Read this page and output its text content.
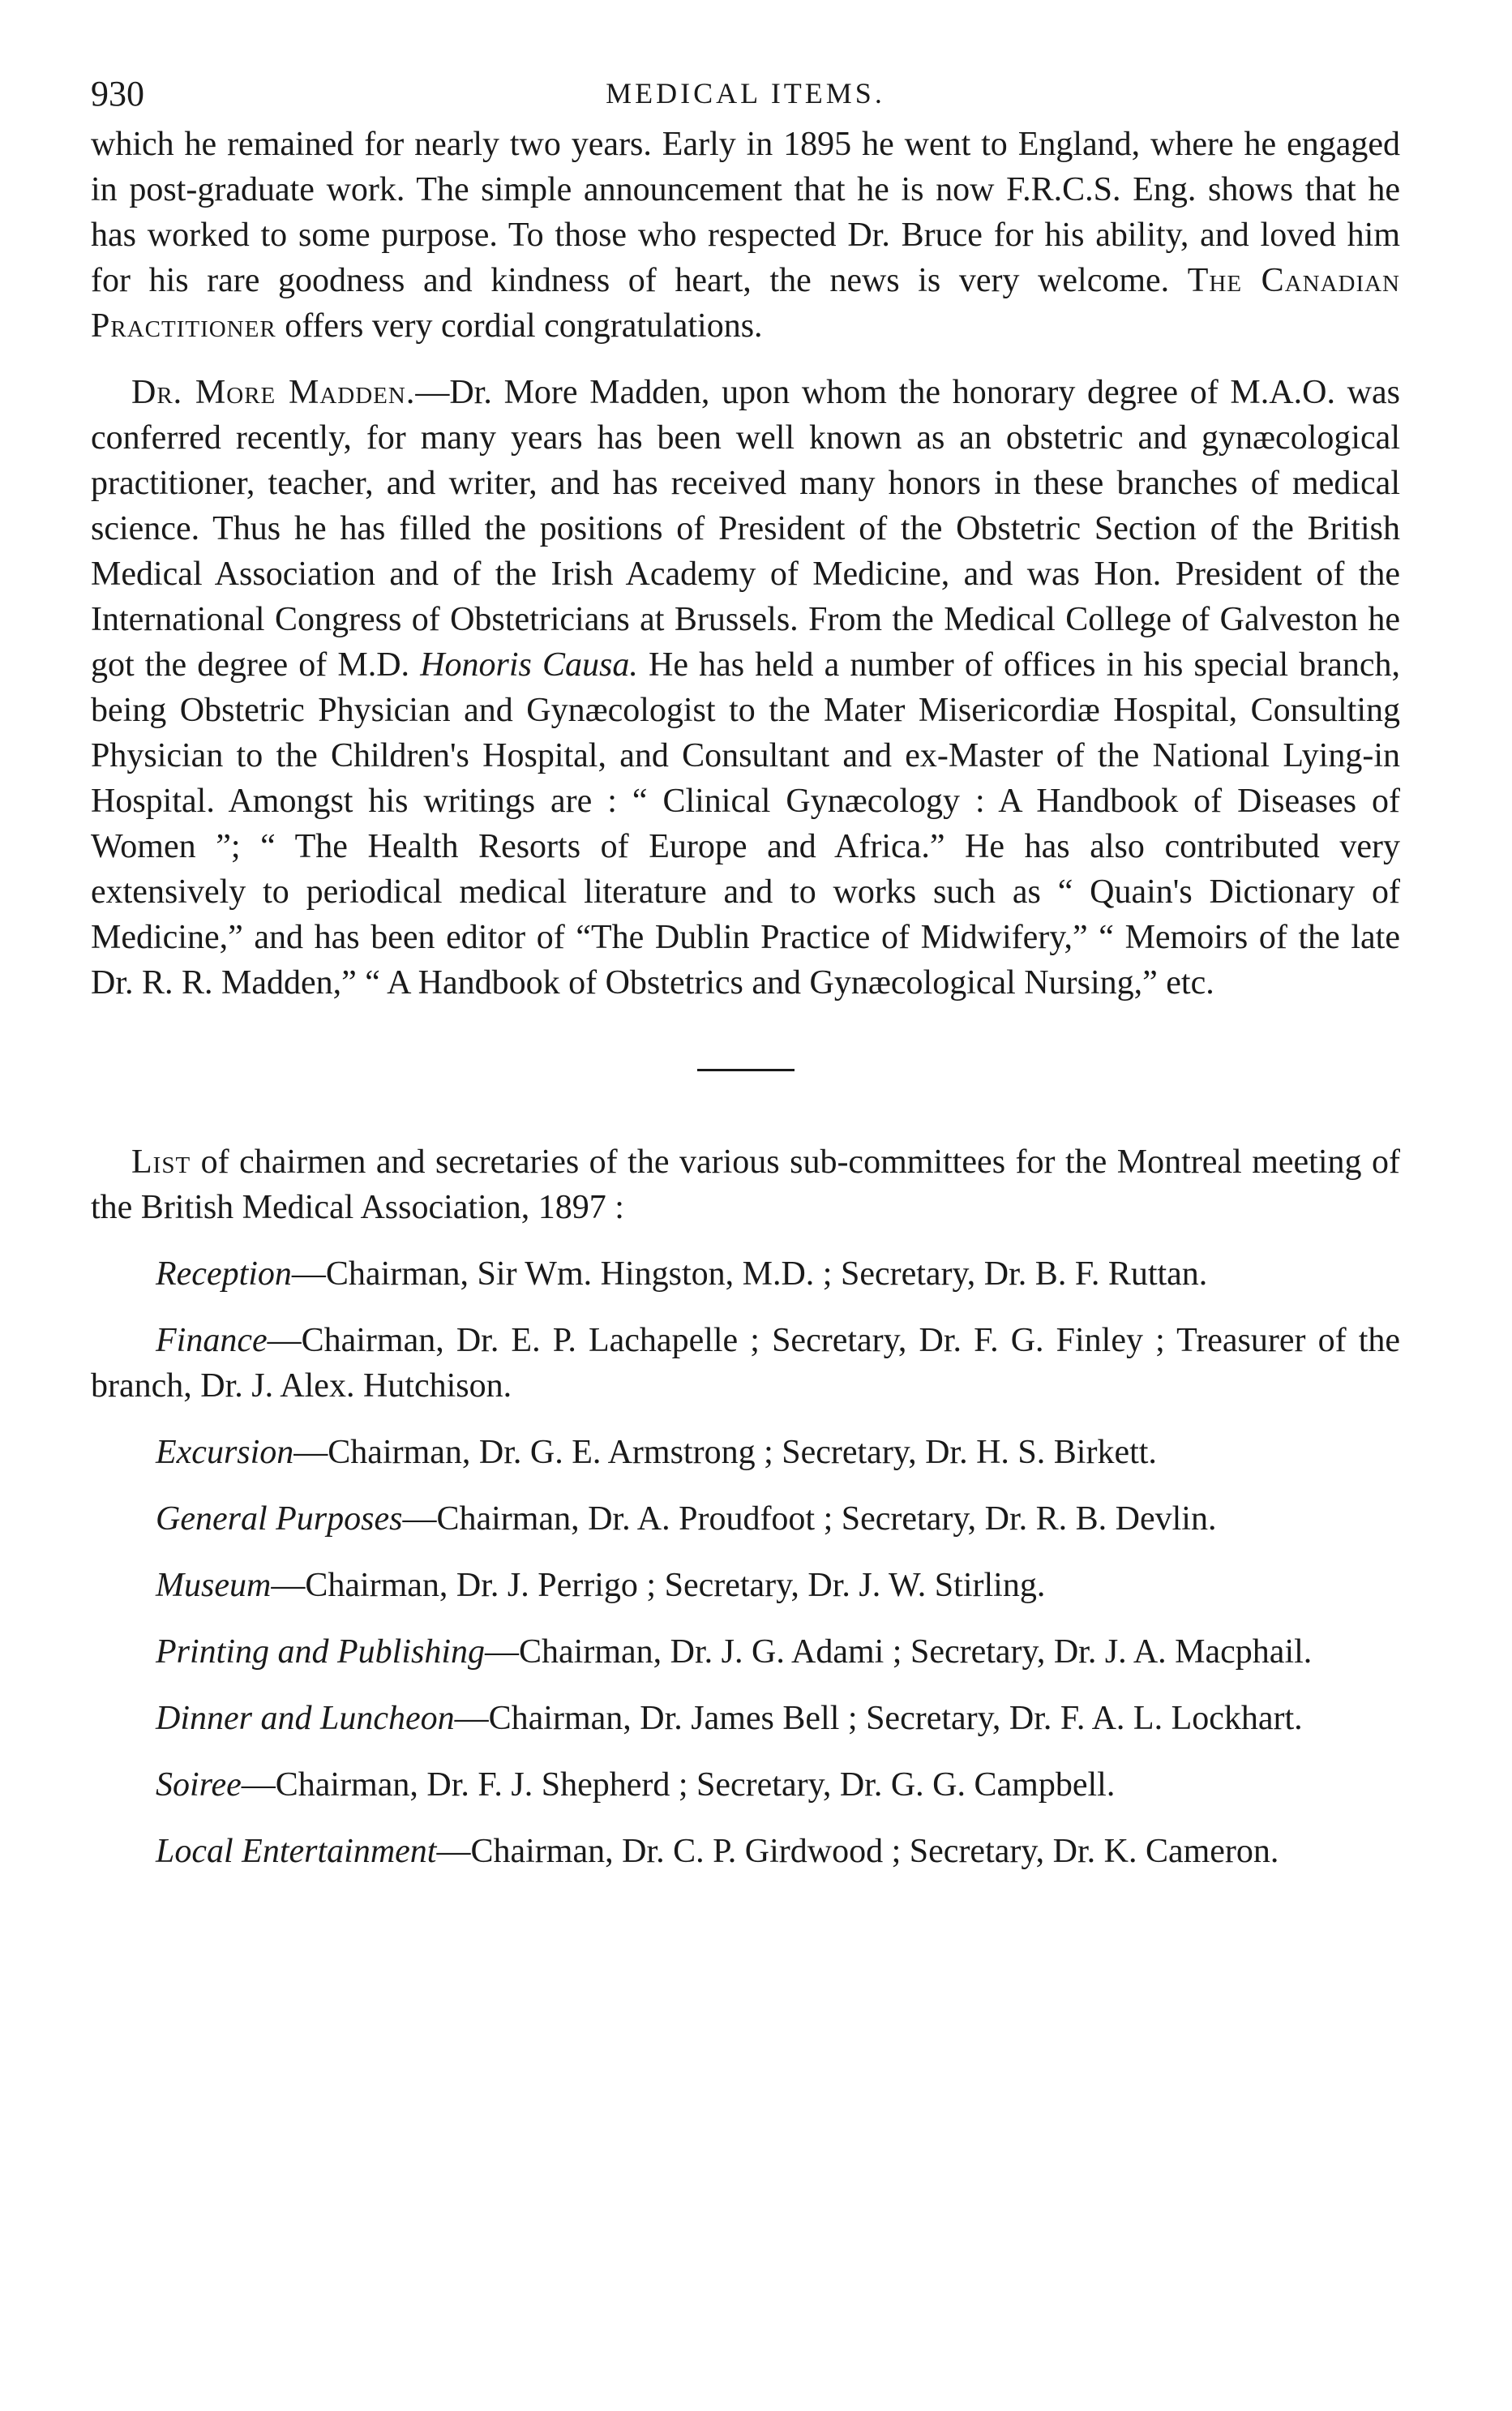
930	MEDICAL ITEMS.

which he remained for nearly two years. Early in 1895 he went to England, where he engaged in post-graduate work. The simple announcement that he is now F.R.C.S. Eng. shows that he has worked to some purpose. To those who respected Dr. Bruce for his ability, and loved him for his rare goodness and kindness of heart, the news is very welcome. The Canadian Practitioner offers very cordial congratulations.

Dr. More Madden.—Dr. More Madden, upon whom the honorary degree of M.A.O. was conferred recently, for many years has been well known as an obstetric and gynæcological practitioner, teacher, and writer, and has received many honors in these branches of medical science. Thus he has filled the positions of President of the Obstetric Section of the British Medical Association and of the Irish Academy of Medicine, and was Hon. President of the International Congress of Obstetricians at Brussels. From the Medical College of Galveston he got the degree of M.D. Honoris Causa. He has held a number of offices in his special branch, being Obstetric Physician and Gynæcologist to the Mater Misericordiæ Hospital, Consulting Physician to the Children's Hospital, and Consultant and ex-Master of the National Lying-in Hospital. Amongst his writings are : “ Clinical Gynæcology : A Handbook of Diseases of Women ”; “ The Health Resorts of Europe and Africa.” He has also contributed very extensively to periodical medical literature and to works such as “ Quain's Dictionary of Medicine,” and has been editor of “The Dublin Practice of Midwifery,” “ Memoirs of the late Dr. R. R. Madden,” “ A Handbook of Obstetrics and Gynæcological Nursing,” etc.

List of chairmen and secretaries of the various sub-committees for the Montreal meeting of the British Medical Association, 1897 :

Reception—Chairman, Sir Wm. Hingston, M.D. ; Secretary, Dr. B. F. Ruttan.

Finance—Chairman, Dr. E. P. Lachapelle ; Secretary, Dr. F. G. Finley ; Treasurer of the branch, Dr. J. Alex. Hutchison.

Excursion—Chairman, Dr. G. E. Armstrong ; Secretary, Dr. H. S. Birkett.

General Purposes—Chairman, Dr. A. Proudfoot ; Secretary, Dr. R. B. Devlin.

Museum—Chairman, Dr. J. Perrigo ; Secretary, Dr. J. W. Stirling.

Printing and Publishing—Chairman, Dr. J. G. Adami ; Secretary, Dr. J. A. Macphail.

Dinner and Luncheon—Chairman, Dr. James Bell ; Secretary, Dr. F. A. L. Lockhart.

Soiree—Chairman, Dr. F. J. Shepherd ; Secretary, Dr. G. G. Campbell.

Local Entertainment—Chairman, Dr. C. P. Girdwood ; Secretary, Dr. K. Cameron.
